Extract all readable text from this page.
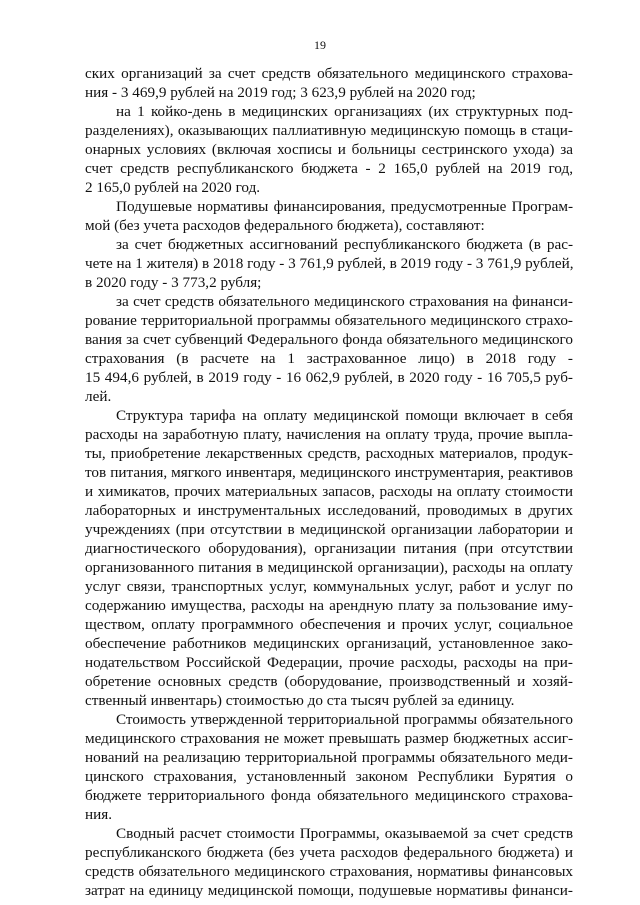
19
ских организаций за счет средств обязательного медицинского страхова-
ния - 3 469,9 рублей на 2019 год; 3 623,9 рублей на 2020 год;
на 1 койко-день в медицинских организациях (их структурных под-
разделениях), оказывающих паллиативную медицинскую помощь в стаци-
онарных условиях (включая хосписы и больницы сестринского ухода) за
счет средств республиканского бюджета - 2 165,0 рублей на 2019 год,
2 165,0 рублей на 2020 год.
Подушевые нормативы финансирования, предусмотренные Програм-
мой (без учета расходов федерального бюджета), составляют:
за счет бюджетных ассигнований республиканского бюджета (в рас-
чете на 1 жителя) в 2018 году - 3 761,9 рублей, в 2019 году - 3 761,9 рублей,
в 2020 году - 3 773,2 рубля;
за счет средств обязательного медицинского страхования на финанси-
рование территориальной программы обязательного медицинского страхо-
вания за счет субвенций Федерального фонда обязательного медицинского
страхования (в расчете на 1 застрахованное лицо) в 2018 году -
15 494,6 рублей, в 2019 году - 16 062,9 рублей, в 2020 году - 16 705,5 руб-
лей.
Структура тарифа на оплату медицинской помощи включает в себя
расходы на заработную плату, начисления на оплату труда, прочие выпла-
ты, приобретение лекарственных средств, расходных материалов, продук-
тов питания, мягкого инвентаря, медицинского инструментария, реактивов
и химикатов, прочих материальных запасов, расходы на оплату стоимости
лабораторных и инструментальных исследований, проводимых в других
учреждениях (при отсутствии в медицинской организации лаборатории и
диагностического оборудования), организации питания (при отсутствии
организованного питания в медицинской организации), расходы на оплату
услуг связи, транспортных услуг, коммунальных услуг, работ и услуг по
содержанию имущества, расходы на арендную плату за пользование иму-
ществом, оплату программного обеспечения и прочих услуг, социальное
обеспечение работников медицинских организаций, установленное зако-
нодательством Российской Федерации, прочие расходы, расходы на при-
обретение основных средств (оборудование, производственный и хозяй-
ственный инвентарь) стоимостью до ста тысяч рублей за единицу.
Стоимость утвержденной территориальной программы обязательного
медицинского страхования не может превышать размер бюджетных ассиг-
нований на реализацию территориальной программы обязательного меди-
цинского страхования, установленный законом Республики Бурятия о
бюджете территориального фонда обязательного медицинского страхова-
ния.
Сводный расчет стоимости Программы, оказываемой за счет средств
республиканского бюджета (без учета расходов федерального бюджета) и
средств обязательного медицинского страхования, нормативы финансовых
затрат на единицу медицинской помощи, подушевые нормативы финанси-
